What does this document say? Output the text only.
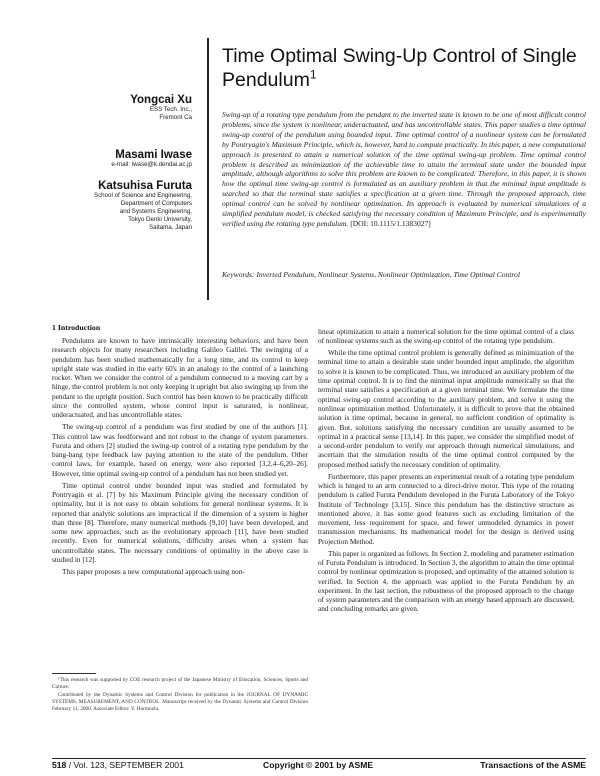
Time Optimal Swing-Up Control of Single Pendulum$^1$
Yongcai Xu
ESS Tech. Inc.,
Fremont Ca
Masami Iwase
e-mail: iwase@k.dendai.ac.jp
Katsuhisa Furuta
School of Science and Engineering,
Department of Computers
and Systems Engineering,
Tokyo Denki University,
Saitama, Japan
Swing-up of a rotating type pendulum from the pendant to the inverted state is known to be one of most difficult control problems, since the system is nonlinear, underactuated, and has uncontrollable states. This paper studies a time optimal swing-up control of the pendulum using bounded input. Time optimal control of a nonlinear system can be formulated by Pontryagin's Maximum Principle, which is, however, hard to compute practically. In this paper, a new computational approach is presented to attain a numerical solution of the time optimal swing-up problem. Time optimal control problem is described as minimization of the achievable time to attain the terminal state under the bounded input amplitude, although algorithms to solve this problem are known to be complicated. Therefore, in this paper, it is shown how the optimal time swing-up control is formulated as an auxiliary problem in that the minimal input amplitude is searched so that the terminal state satisfies a specification at a given time. Through the proposed approach, time optimal control can be solved by nonlinear optimization. Its approach is evaluated by numerical simulations of a simplified pendulum model, is checked satisfying the necessary condition of Maximum Principle, and is experimentally verified using the rotating type pendulum. [DOI: 10.1115/1.1383027]
Keywords: Inverted Pendulum, Nonlinear Systems, Nonlinear Optimization, Time Optimal Control
1 Introduction

Pendulums are known to have intrinsically interesting behaviors, and have been research objects for many researchers including Galileo Galilei. The swinging of a pendulum has been studied mathematically for a long time, and its control to keep upright state was studied in the early 60's in an analogy to the control of a launching rocket. When we consider the control of a pendulum connected to a moving cart by a hinge, the control problem is not only keeping it upright but also swinging up from the pendant to the upright position. Such control has been known to be practically difficult since the controlled system, whose control input is saturated, is nonlinear, underactuated, and has uncontrollable states.

The swing-up control of a pendulum was first studied by one of the authors [1]. This control law was feedforward and not robust to the change of system parameters. Furuta and others [2] studied the swing-up control of a rotating type pendulum by the bang-bang type feedback law paying attention to the state of the pendulum. Other control laws, for example, based on energy, were also reported [3,2,4–6,20–26]. However, time optimal swing-up control of a pendulum has not been studied yet.

Time optimal control under bounded input was studied and formulated by Pontryagin et al. [7] by his Maximum Principle giving the necessary condition of optimality, but it is not easy to obtain solutions for general nonlinear systems. It is reported that analytic solutions are impractical if the dimension of a system is higher than three [8]. Therefore, many numerical methods [9,10] have been developed, and some new approaches, such as the evolutionary approach [11], have been studied recently. Even for numerical solutions, difficulty arises when a system has uncontrollable states. The necessary conditions of optimality in the above case is studied in [12].

This paper proposes a new computational approach using non-

linear optimization to attain a numerical solution for the time optimal control of a class of nonlinear systems such as the swing-up control of the rotating type pendulum.

While the time optimal control problem is generally defined as minimization of the terminal time to attain a desirable state under bounded input amplitude, the algorithm to solve it is known to be complicated. Thus, we introduced an auxiliary problem of the time optimal control. It is to find the minimal input amplitude numerically so that the terminal state satisfies a specification at a given terminal time. We formulate the time optimal swing-up control according to the auxiliary problem, and solve it using the nonlinear optimization method. Unfortunately, it is difficult to prove that the obtained solution is time optimal, because in general, no sufficient condition of optimality is given. But, solutions satisfying the necessary condition are usually assumed to be optimal in a practical sense [13,14]. In this paper, we consider the simplified model of a second-order pendulum to verify our approach through numerical simulations, and ascertain that the simulation results of the time optimal control computed by the proposed method satisfy the necessary condition of optimality.

Furthermore, this paper presents an experimental result of a rotating type pendulum which is hinged to an arm connected to a direct-drive motor. This type of the rotating pendulum is called Furuta Pendulum developed in the Furuta Laboratory of the Tokyo Institute of Technology [3,15]. Since this pendulum has the distinctive structure as mentioned above, it has some good features such as excluding limitation of the movement, less requirement for space, and fewer unmodeled dynamics in power transmission mechanisms. Its mathematical model for the design is derived using Projection Method.

This paper is organized as follows. In Section 2, modeling and parameter estimation of Furuta Pendulum is introduced. In Section 3, the algorithm to attain the time optimal control by nonlinear optimization is proposed, and optimality of the attained solution is verified. In Section 4, the approach was applied to the Furuta Pendulum by an experiment. In the last section, the robustness of the proposed approach to the change of system parameters and the comparison with an energy based approach are discussed, and concluding remarks are given.

¹This research was supported by COE research project of the Japanese Ministry of Education, Sciences, Sports and Culture.

Contributed by the Dynamic Systems and Control Division for publication in the JOURNAL OF DYNAMIC SYSTEMS, MEASUREMENT, AND CONTROL. Manuscript received by the Dynamic Systems and Control Division February 11, 2000. Associate Editor: Y. Hurmuzlu.

518 / Vol. 123, SEPTEMBER 2001	Copyright © 2001 by ASME	Transactions of the ASME
